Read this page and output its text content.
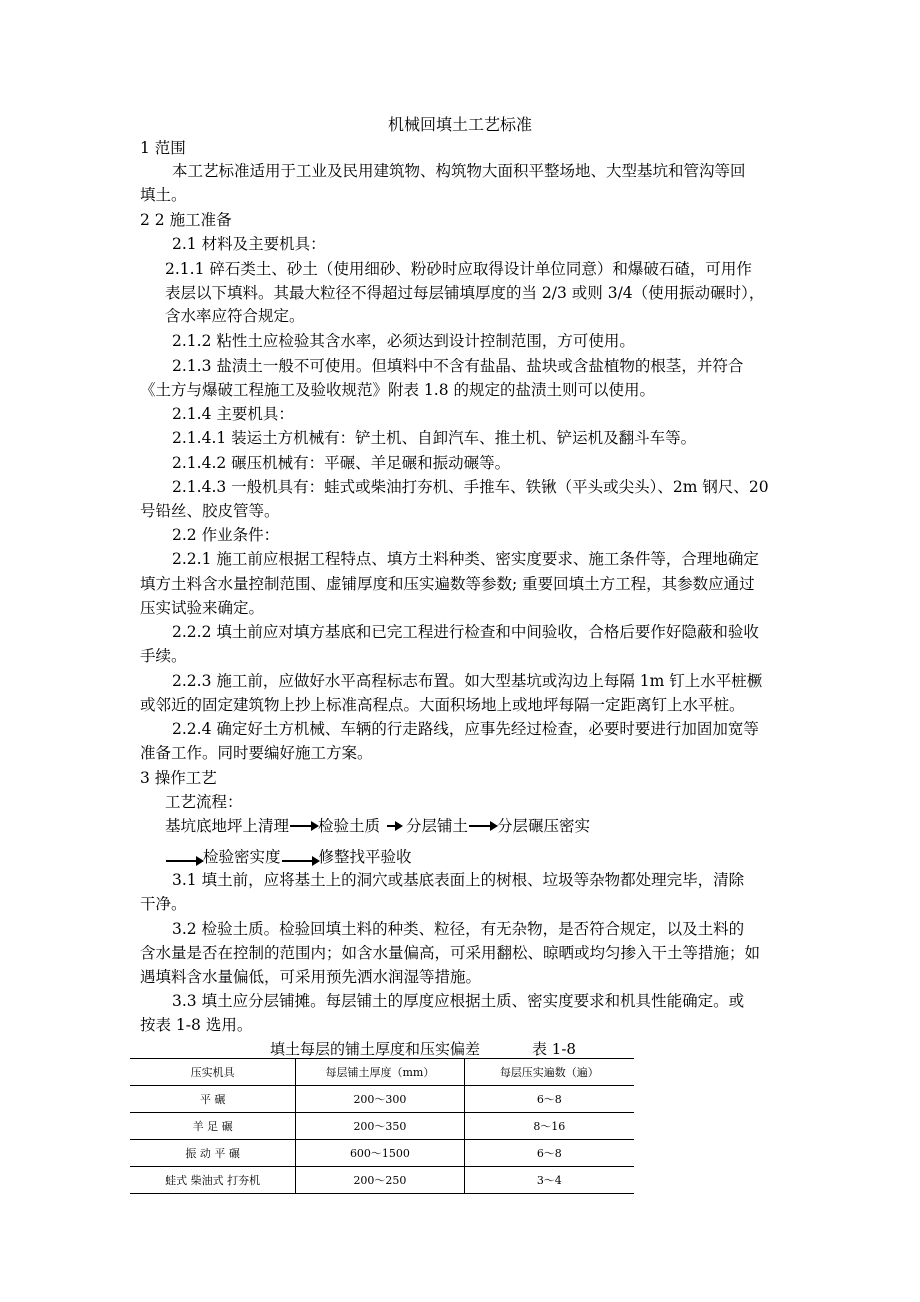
机械回填土工艺标准
1 范围
本工艺标准适用于工业及民用建筑物、构筑物大面积平整场地、大型基坑和管沟等回
填土。
2 2 施工准备
2.1 材料及主要机具：
2.1.1 碎石类土、砂土（使用细砂、粉砂时应取得设计单位同意）和爆破石碴，可用作
表层以下填料。其最大粒径不得超过每层铺填厚度的当 2/3 或则 3/4（使用振动碾时），
含水率应符合规定。
2.1.2 粘性土应检验其含水率，必须达到设计控制范围，方可使用。
2.1.3 盐渍土一般不可使用。但填料中不含有盐晶、盐块或含盐植物的根茎，并符合
《土方与爆破工程施工及验收规范》附表 1.8 的规定的盐渍土则可以使用。
2.1.4 主要机具：
2.1.4.1 装运土方机械有：铲土机、自卸汽车、推土机、铲运机及翻斗车等。
2.1.4.2 碾压机械有：平碾、羊足碾和振动碾等。
2.1.4.3 一般机具有：蛙式或柴油打夯机、手推车、铁锹（平头或尖头）、2m 钢尺、20
号铅丝、胶皮管等。
2.2 作业条件：
2.2.1 施工前应根据工程特点、填方土料种类、密实度要求、施工条件等，合理地确定
填方土料含水量控制范围、虚铺厚度和压实遍数等参数; 重要回填土方工程，其参数应通过
压实试验来确定。
2.2.2 填土前应对填方基底和已完工程进行检查和中间验收，合格后要作好隐蔽和验收
手续。
2.2.3 施工前，应做好水平高程标志布置。如大型基坑或沟边上每隔 1m 钉上水平桩橛
或邻近的固定建筑物上抄上标准高程点。大面积场地上或地坪每隔一定距离钉上水平桩。
2.2.4 确定好土方机械、车辆的行走路线，应事先经过检查，必要时要进行加固加宽等
准备工作。同时要编好施工方案。
3 操作工艺
工艺流程：
基坑底地坪上清理 检验土质 分层铺土 分层碾压密实
检验密实度 修整找平验收
3.1 填土前，应将基土上的洞穴或基底表面上的树根、垃圾等杂物都处理完毕，清除
干净。
3.2 检验土质。检验回填土料的种类、粒径，有无杂物，是否符合规定，以及土料的
含水量是否在控制的范围内；如含水量偏高，可采用翻松、晾晒或均匀掺入干土等措施；如
遇填料含水量偏低，可采用预先洒水润湿等措施。
3.3 填土应分层铺摊。每层铺土的厚度应根据土质、密实度要求和机具性能确定。或
按表 1-8 选用。
填土每层的铺土厚度和压实偏差	表 1-8
压实机具	每层铺土厚度（mm）	每层压实遍数（遍）
平 碾	200～300	6～8
羊 足 碾	200～350	8～16
振 动 平 碾	600～1500	6～8
蛙式 柴油式 打夯机	200～250	3～4
